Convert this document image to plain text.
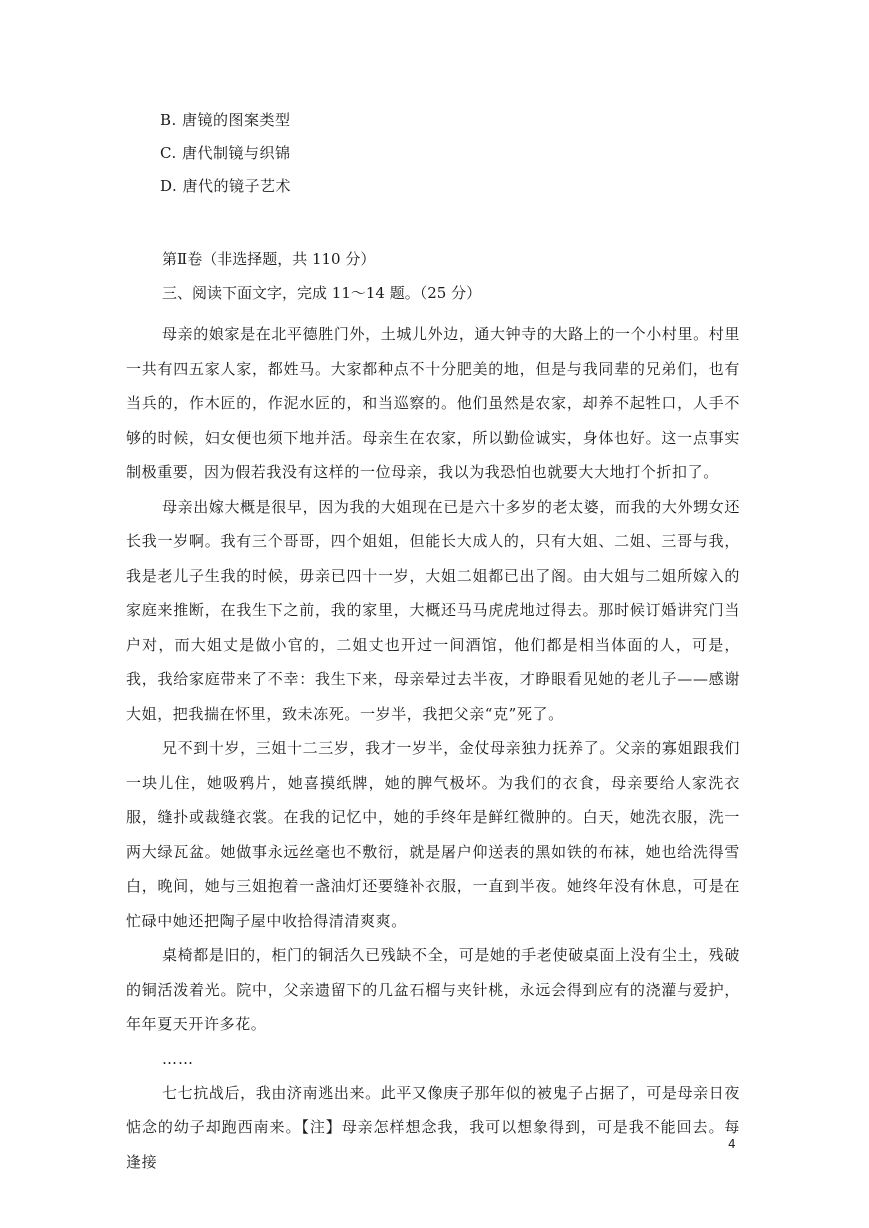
B. 唐镜的图案类型
C. 唐代制镜与织锦
D. 唐代的镜子艺术
第Ⅱ卷（非选择题，共 110 分）
三、阅读下面文字，完成 11～14 题。（25 分）

母亲的娘家是在北平德胜门外，土城儿外边，通大钟寺的大路上的一个小村里。村里一共有四五家人家，都姓马。大家都种点不十分肥美的地，但是与我同辈的兄弟们，也有当兵的，作木匠的，作泥水匠的，和当巡察的。他们虽然是农家，却养不起牲口，人手不够的时候，妇女便也须下地并活。母亲生在农家，所以勤俭诚实，身体也好。这一点事实制极重要，因为假若我没有这样的一位母亲，我以为我恐怕也就要大大地打个折扣了。

母亲出嫁大概是很早，因为我的大姐现在已是六十多岁的老太婆，而我的大外甥女还长我一岁啊。我有三个哥哥，四个姐姐，但能长大成人的，只有大姐、二姐、三哥与我，我是老儿子生我的时候，毋亲已四十一岁，大姐二姐都已出了阁。由大姐与二姐所嫁入的家庭来推断，在我生下之前，我的家里，大概还马马虎虎地过得去。那时候订婚讲究门当户对，而大姐丈是做小官的，二姐丈也开过一间酒馆，他们都是相当体面的人，可是，我，我给家庭带来了不幸：我生下来，母亲晕过去半夜，才睁眼看见她的老儿子——感谢大姐，把我揣在怀里，致未冻死。一岁半，我把父亲“克”死了。

兄不到十岁，三姐十二三岁，我才一岁半，金仗母亲独力抚养了。父亲的寡姐跟我们一块儿住，她吸鸦片，她喜摸纸牌，她的脾气极坏。为我们的衣食，母亲要给人家洗衣服，缝扑或裁缝衣裳。在我的记忆中，她的手终年是鲜红微肿的。白天，她洗衣服，洗一两大绿瓦盆。她做事永远丝毫也不敷衍，就是屠户仰送表的黑如铁的布袜，她也给洗得雪白，晚间，她与三姐抱着一盏油灯还要缝补衣服，一直到半夜。她终年没有休息，可是在忙碌中她还把陶子屋中收拾得清清爽爽。

桌椅都是旧的，柜门的铜活久已残缺不全，可是她的手老使破桌面上没有尘土，残破的铜活泼着光。院中，父亲遗留下的几盆石榴与夹针桃，永远会得到应有的浇灌与爱护，年年夏天开许多花。

……

七七抗战后，我由济南逃出来。此平又像庚子那年似的被鬼子占据了，可是母亲日夜惦念的幼子却跑西南来。【注】母亲怎样想念我，我可以想象得到，可是我不能回去。每逢接

4
